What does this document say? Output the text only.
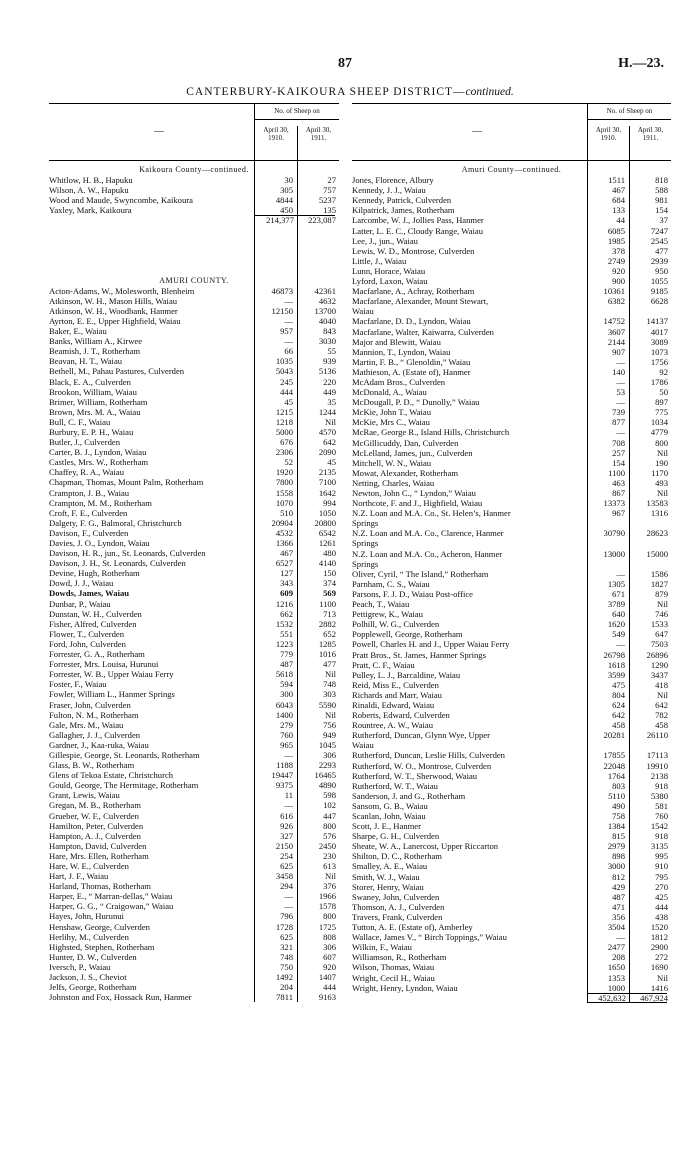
87	H.—23.
CANTERBURY-KAIKOURA SHEEP DISTRICT—continued.
—
No. of Sheep on
April 30,
1910.
April 30,
1911.
Kaikoura County—continued.
Whitlow, H. B., Hapuku	30	27
Wilson, A. W., Hapuku	305	757
Wood and Maude, Swyncombe, Kaikoura	4844	5237
Yaxley, Mark, Kaikoura	450	135
214,377	223,087
AMURI COUNTY.
Acton-Adams, W., Molesworth, Blenheim	46873	42361
Atkinson, W. H., Mason Hills, Waiau	—	4632
Atkinson, W. H., Woodbank, Hanmer	12150	13700
Ayrton, E. E., Upper Highfield, Waiau	—	4040
Baker, E., Waiau	957	843
Banks, William A., Kirwee	—	3030
Beamish, J. T., Rotherham	66	55
Beavan, H. T., Waiau	1035	939
Bethell, M., Pahau Pastures, Culverden	5043	5136
Black, E. A., Culverden	245	220
Brookon, William, Waiau	444	449
Brimer, William, Rotherham	45	35
Brown, Mrs. M. A., Waiau	1215	1244
Bull, C. F., Waiau	1218	Nil
Burbury, E. P. H., Waiau	5000	4570
Butler, J., Culverden	676	642
Carter, B. J., Lyndon, Waiau	2306	2090
Castles, Mrs. W., Rotherham	52	45
Chaffey, R. A., Waiau	1920	2135
Chapman, Thomas, Mount Palm, Rotherham	7800	7100
Crampton, J. B., Waiau	1558	1642
Crampton, M. M., Rotherham	1070	994
Croft, F. E., Culverden	510	1050
Dalgety, F. G., Balmoral, Christchurch	20904	20800
Davison, F., Culverden	4532	6542
Davies, J. O., Lyndon, Waiau	1366	1261
Davison, H. R., jun., St. Leonards, Culverden	467	480
Davison, J. H., St. Leonards, Culverden	6527	4140
Devine, Hugh, Rotherham	127	150
Dowd, J. J., Waiau	343	374
Dowds, James, Waiau	609	569
Dunbar, P., Waiau	1216	1100
Dunstan, W. H., Culverden	662	713
Fisher, Alfred, Culverden	1532	2882
Flower, T., Culverden	551	652
Ford, John, Culverden	1223	1285
Forrester, G. A., Rotherham	779	1016
Forrester, Mrs. Louisa, Hurunui	487	477
Forrester, W. B., Upper Waiau Ferry	5618	Nil
Foster, F., Waiau	594	748
Fowler, William L., Hanmer Springs	300	303
Fraser, John, Culverden	6043	5590
Fulton, N. M., Rotherham	1400	Nil
Gale, Mrs. M., Waiau	279	756
Gallagher, J. J., Culverden	760	949
Gardner, J., Kaa-ruka, Waiau	965	1045
Gillespie, George, St. Leonards, Rotherham	—	306
Glass, B. W., Rotherham	1188	2293
Glens of Tekoa Estate, Christchurch	19447	16465
Gould, George, The Hermitage, Rotherham	9375	4890
Grant, Lewis, Waiau	11	598
Gregan, M. B., Rotherham	—	102
Grueber, W. F., Culverden	616	447
Hamilton, Peter, Culverden	926	800
Hampton, A. J., Culverden	327	576
Hampton, David, Culverden	2150	2450
Hare, Mrs. Ellen, Rotherham	254	230
Hare, W. E., Culverden	625	613
Hart, J. F., Waiau	3458	Nil
Harland, Thomas, Rotherham	294	376
Harper, E., “ Marran-dellas,” Waiau	—	1966
Harper, G. G., “ Craigowan,” Waiau	—	1578
Hayes, John, Hurunui	796	800
Henshaw, George, Culverden	1728	1725
Herlihy, M., Culverden	625	808
Highsted, Stephen, Rotherham	321	306
Hunter, D. W., Culverden	748	607
Iversch, P., Waiau	750	920
Jackson, J. S., Cheviot	1492	1407
Jelfs, George, Rotherham	204	444
Johnston and Fox, Hossack Run, Hanmer	7811	9163
—
No. of Sheep on
April 30,
1910.
April 30,
1911.
Amuri County—continued.
Jones, Florence, Albury	1511	818
Kennedy, J. J., Waiau	467	588
Kennedy, Patrick, Culverden	684	981
Kilpatrick, James, Rotherham	133	154
Larcombe, W. J., Jollies Pass, Hanmer	44	37
Latter, L. E. C., Cloudy Range, Waiau	6085	7247
Lee, J., jun., Waiau	1985	2545
Lewis, W. D., Montrose, Culverden	378	477
Little, J., Waiau	2749	2939
Lunn, Horace, Waiau	920	950
Lyford, Laxon, Waiau	900	1055
Macfarlane, A., Achray, Rotherham	10361	9185
Macfarlane, Alexander, Mount Stewart,	6382	6628
Waiau
Macfarlane, D. D., Lyndon, Waiau	14752	14137
Macfarlane, Walter, Kaiwarra, Culverden	3607	4017
Major and Blewitt, Waiau	2144	3089
Mannion, T., Lyndon, Waiau	907	1073
Martin, F. B., “ Glenoldin,” Waiau	—	1756
Mathieson, A. (Estate of), Hanmer	140	92
McAdam Bros., Culverden	—	1786
McDonald, A., Waiau	53	50
McDougall, P. D., “ Dunolly,” Waiau	—	897
McKie, John T., Waiau	739	775
McKie, Mrs C., Waiau	877	1034
McRae, George R., Island Hills, Christchurch	—	4779
McGillicuddy, Dan, Culverden	708	800
McLelland, James, jun., Culverden	257	Nil
Mitchell, W. N., Waiau	154	190
Mowat, Alexander, Rotherham	1100	1170
Netting, Charles, Waiau	463	493
Newton, John C., “ Lyndon,” Waiau	867	Nil
Northcote, F. and J., Highfield, Waiau	13373	13583
N.Z. Loan and M.A. Co., St. Helen’s, Hanmer	967	1316
Springs
N.Z. Loan and M.A. Co., Clarence, Hanmer	30790	28623
Springs
N.Z. Loan and M.A. Co., Acheron, Hanmer	13000	15000
Springs
Oliver, Cyril, “ The Island,” Rotherham	—	1586
Parnham, C. S., Waiau	1305	1827
Parsons, F. J. D., Waiau Post-office	671	879
Peach, T., Waiau	3789	Nil
Pettigrew, K., Waiau	640	746
Polhill, W. G., Culverden	1620	1533
Popplewell, George, Rotherham	549	647
Powell, Charles H. and J., Upper Waiau Ferry	—	7503
Pratt Bros., St. James, Hanmer Springs	26798	26896
Pratt, C. F., Waiau	1618	1290
Pulley, L. J., Barcaldine, Waiau	3599	3437
Reid, Miss E., Culverden	475	418
Richards and Marr, Waiau	804	Nil
Rinaldi, Edward, Waiau	624	642
Roberts, Edward, Culverden	642	782
Rountree, A. W., Waiau	458	458
Rutherford, Duncan, Glynn Wye, Upper	20281	26110
Waiau
Rutherford, Duncan, Leslie Hills, Culverden	17855	17113
Rutherford, W. O., Montrose, Culverden	22048	19910
Rutherford, W. T., Sherwood, Waiau	1764	2138
Rutherford, W. T., Waiau	803	918
Sanderson, J. and G., Rotherham	5110	5380
Sansom, G. B., Waiau	490	581
Scanlan, John, Waiau	758	760
Scott, J. E., Hanmer	1384	1542
Sharpe, G. H., Culverden	815	918
Sheate, W. A., Lanercost, Upper Riccarton	2979	3135
Shilton, D. C., Rotherham	898	995
Smalley, A. E., Waiau	3000	910
Smith, W. J., Waiau	812	795
Storer, Henry, Waiau	429	270
Swaney, John, Culverden	487	425
Thomson, A. J., Culverden	471	444
Travers, Frank, Culverden	356	438
Tutton, A. E. (Estate of), Amberley	3504	1520
Wallace, James V., “ Birch Toppings,” Waiau	—	1812
Wilkin, F., Waiau	2477	2900
Williamson, R., Rotherham	208	272
Wilson, Thomas, Waiau	1650	1690
Wright, Cecil H., Waiau	1353	Nil
Wright, Henry, Lyndon, Waiau	1000	1416
452,632	467,924
